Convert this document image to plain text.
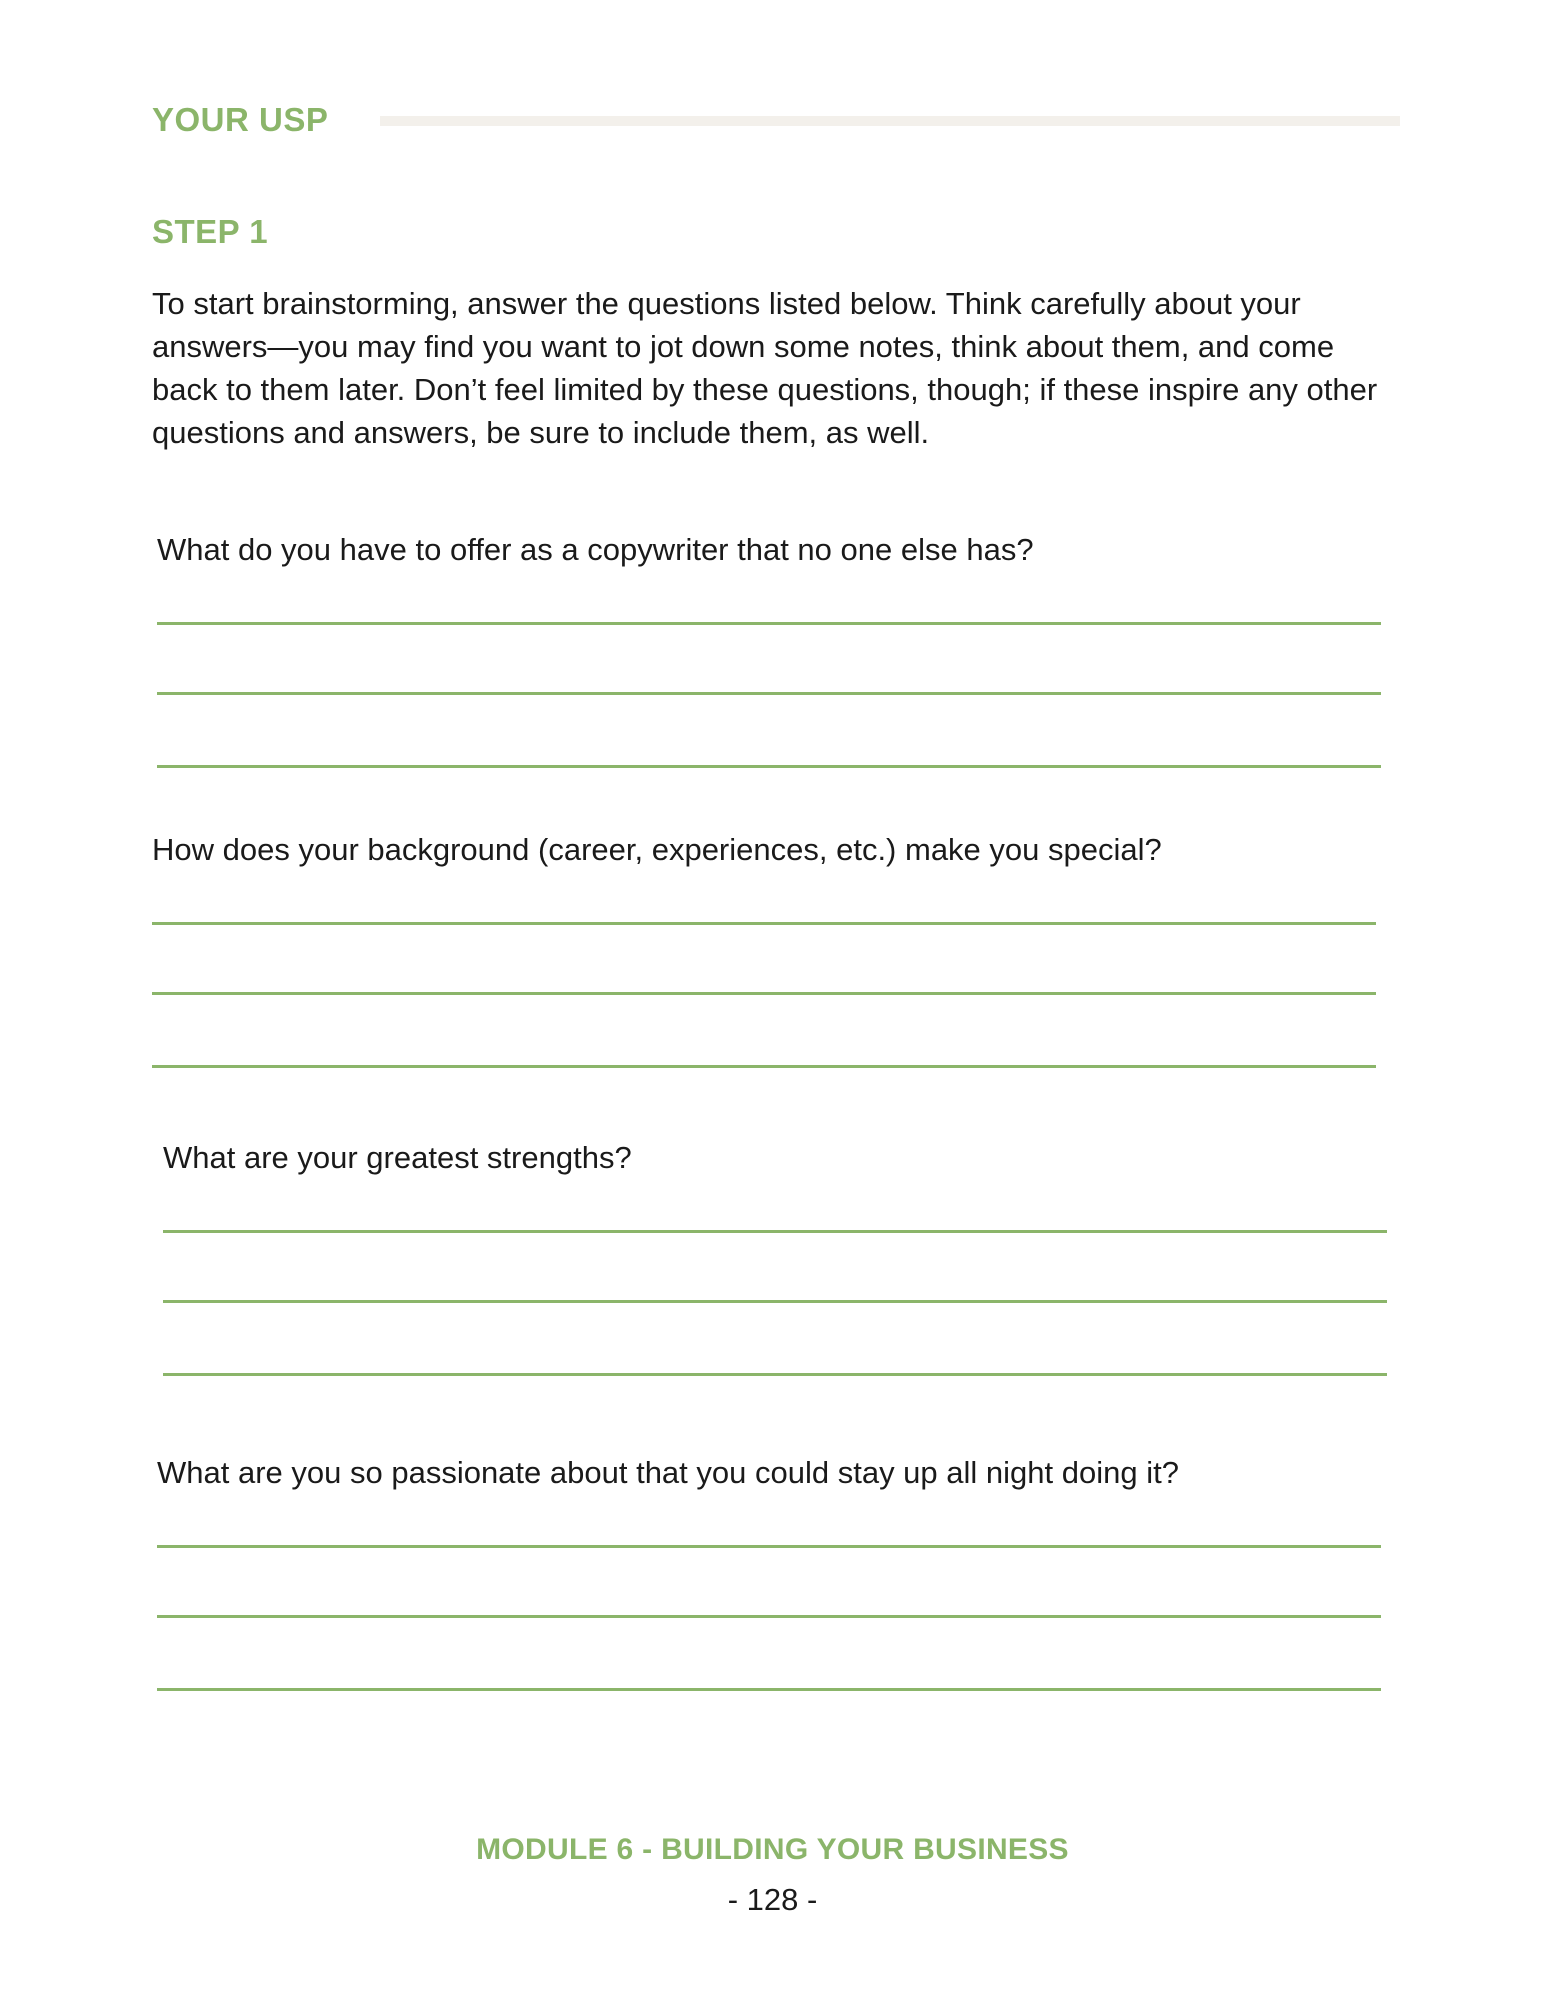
YOUR USP
STEP 1

To start brainstorming, answer the questions listed below. Think carefully about your answers—you may find you want to jot down some notes, think about them, and come back to them later. Don’t feel limited by these questions, though; if these inspire any other questions and answers, be sure to include them, as well.

What do you have to offer as a copywriter that no one else has?

How does your background (career, experiences, etc.) make you special?

What are your greatest strengths?

What are you so passionate about that you could stay up all night doing it?

MODULE 6 - BUILDING YOUR BUSINESS
- 128 -
